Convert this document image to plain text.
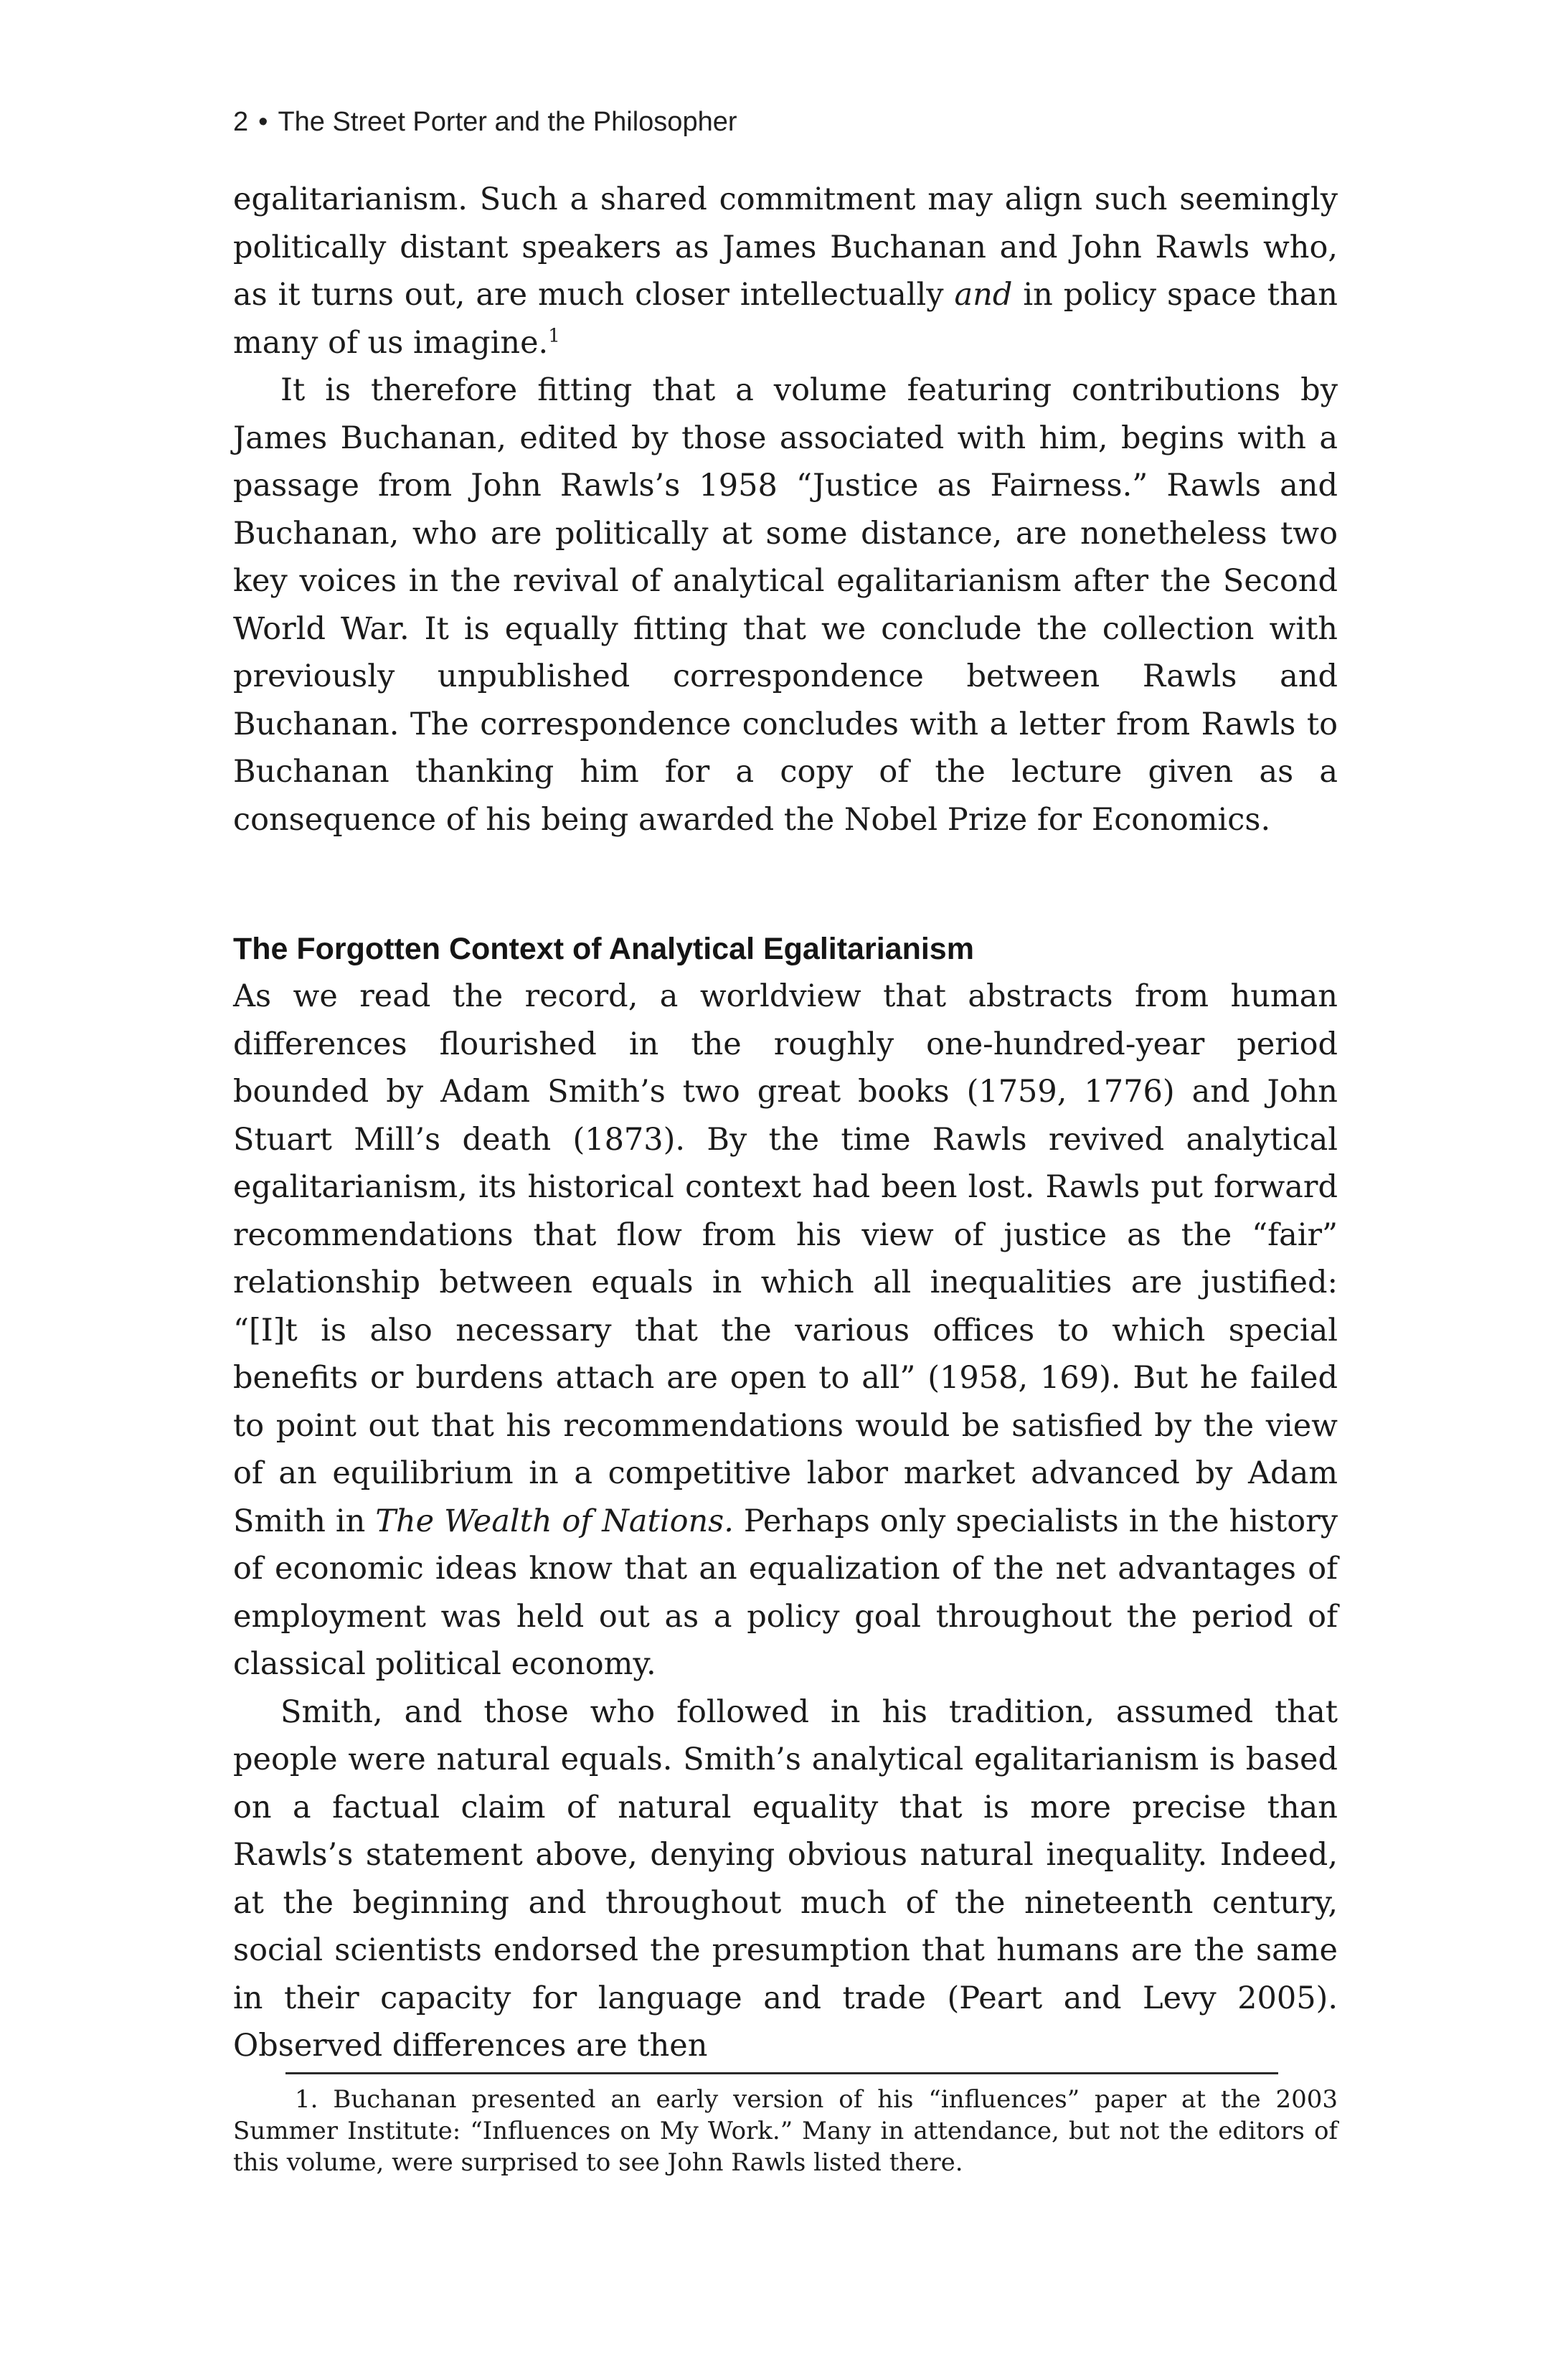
2 • The Street Porter and the Philosopher

egalitarianism. Such a shared commitment may align such seemingly politically distant speakers as James Buchanan and John Rawls who, as it turns out, are much closer intellectually and in policy space than many of us imagine.$^1$

It is therefore fitting that a volume featuring contributions by James Buchanan, edited by those associated with him, begins with a passage from John Rawls’s 1958 “Justice as Fairness.” Rawls and Buchanan, who are politically at some distance, are nonetheless two key voices in the revival of analytical egalitarianism after the Second World War. It is equally fitting that we conclude the collection with previously unpublished correspondence between Rawls and Buchanan. The correspondence concludes with a letter from Rawls to Buchanan thanking him for a copy of the lecture given as a consequence of his being awarded the Nobel Prize for Economics.

The Forgotten Context of Analytical Egalitarianism

As we read the record, a worldview that abstracts from human differences flourished in the roughly one-hundred-year period bounded by Adam Smith’s two great books (1759, 1776) and John Stuart Mill’s death (1873). By the time Rawls revived analytical egalitarianism, its historical context had been lost. Rawls put forward recommendations that flow from his view of justice as the “fair” relationship between equals in which all inequalities are justified: “[I]t is also necessary that the various offices to which special benefits or burdens attach are open to all” (1958, 169). But he failed to point out that his recommendations would be satisfied by the view of an equilibrium in a competitive labor market advanced by Adam Smith in The Wealth of Nations. Perhaps only specialists in the history of economic ideas know that an equalization of the net advantages of employment was held out as a policy goal throughout the period of classical political economy.

Smith, and those who followed in his tradition, assumed that people were natural equals. Smith’s analytical egalitarianism is based on a factual claim of natural equality that is more precise than Rawls’s statement above, denying obvious natural inequality. Indeed, at the beginning and throughout much of the nineteenth century, social scientists endorsed the presumption that humans are the same in their capacity for language and trade (Peart and Levy 2005). Observed differences are then

1. Buchanan presented an early version of his “influences” paper at the 2003 Summer Institute: “Influences on My Work.” Many in attendance, but not the editors of this volume, were surprised to see John Rawls listed there.
